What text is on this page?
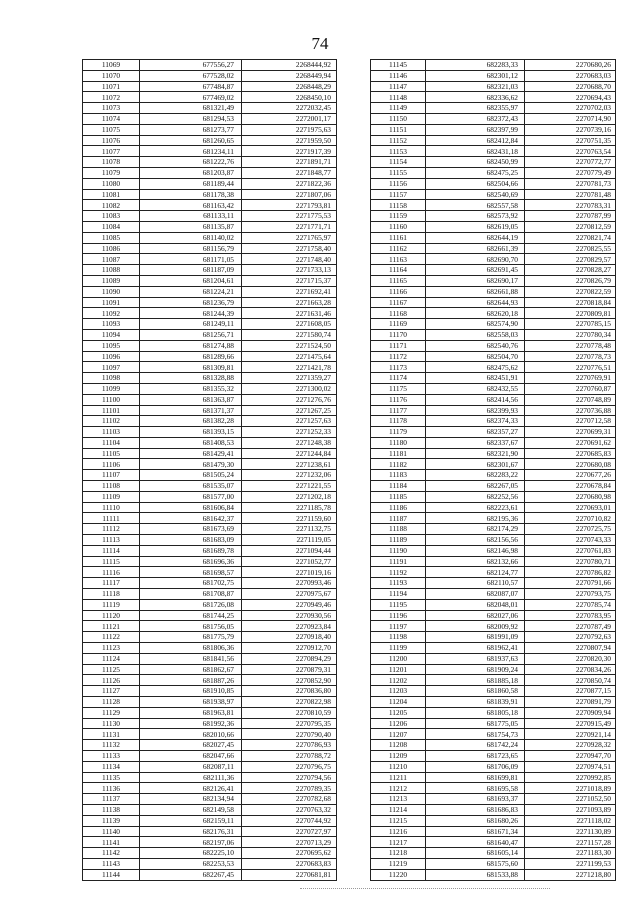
74
11069	677556,27	2268444,92
11070	677528,02	2268449,94
11071	677484,87	2268448,29
11072	677469,02	2268450,10
11073	681321,49	2272032,45
11074	681294,53	2272001,17
11075	681273,77	2271975,63
11076	681260,65	2271959,50
11077	681234,11	2271917,39
11078	681222,76	2271891,71
11079	681203,87	2271848,77
11080	681189,44	2271822,36
11081	681178,38	2271807,06
11082	681163,42	2271793,81
11083	681133,11	2271775,53
11084	681135,87	2271771,71
11085	681140,02	2271765,97
11086	681156,79	2271758,40
11087	681171,05	2271748,40
11088	681187,09	2271733,13
11089	681204,61	2271715,37
11090	681224,21	2271692,41
11091	681236,79	2271663,28
11092	681244,39	2271631,46
11093	681249,11	2271608,05
11094	681256,71	2271580,74
11095	681274,88	2271524,50
11096	681289,66	2271475,64
11097	681309,81	2271421,78
11098	681328,88	2271359,27
11099	681355,32	2271300,02
11100	681363,87	2271276,76
11101	681371,37	2271267,25
11102	681382,28	2271257,63
11103	681393,15	2271252,33
11104	681408,53	2271248,38
11105	681429,41	2271244,84
11106	681479,30	2271238,61
11107	681505,24	2271232,06
11108	681535,07	2271221,55
11109	681577,00	2271202,18
11110	681606,84	2271185,78
11111	681642,37	2271159,60
11112	681673,69	2271132,75
11113	681683,09	2271119,05
11114	681689,78	2271094,44
11115	681696,36	2271052,77
11116	681698,57	2271019,16
11117	681702,75	2270993,46
11118	681708,87	2270975,67
11119	681726,08	2270949,46
11120	681744,25	2270930,56
11121	681756,05	2270923,84
11122	681775,79	2270918,40
11123	681806,36	2270912,70
11124	681841,56	2270894,29
11125	681862,67	2270879,31
11126	681887,26	2270852,90
11127	681910,85	2270836,80
11128	681938,97	2270822,98
11129	681963,81	2270810,59
11130	681992,36	2270795,35
11131	682010,66	2270790,40
11132	682027,45	2270786,93
11133	682047,66	2270788,72
11134	682087,11	2270796,75
11135	682111,36	2270794,56
11136	682126,41	2270789,35
11137	682134,94	2270782,68
11138	682149,58	2270763,32
11139	682159,11	2270744,92
11140	682176,31	2270727,97
11141	682197,06	2270713,29
11142	682225,10	2270695,62
11143	682253,53	2270683,83
11144	682267,45	2270681,81
11145	682283,33	2270680,26
11146	682301,12	2270683,03
11147	682321,03	2270688,70
11148	682336,62	2270694,43
11149	682355,97	2270702,03
11150	682372,43	2270714,90
11151	682397,99	2270739,16
11152	682412,84	2270751,35
11153	682431,18	2270763,54
11154	682450,99	2270772,77
11155	682475,25	2270779,49
11156	682504,66	2270781,73
11157	682540,69	2270781,48
11158	682557,58	2270783,31
11159	682573,92	2270787,99
11160	682619,05	2270812,59
11161	682644,19	2270821,74
11162	682661,39	2270825,55
11163	682690,70	2270829,57
11164	682691,45	2270828,27
11165	682690,17	2270826,79
11166	682661,88	2270822,59
11167	682644,93	2270818,84
11168	682620,18	2270809,81
11169	682574,90	2270785,15
11170	682558,03	2270780,34
11171	682540,76	2270778,48
11172	682504,70	2270778,73
11173	682475,62	2270776,51
11174	682451,91	2270769,91
11175	682432,55	2270760,87
11176	682414,56	2270748,89
11177	682399,93	2270736,88
11178	682374,33	2270712,58
11179	682357,27	2270699,31
11180	682337,67	2270691,62
11181	682321,90	2270685,83
11182	682301,67	2270680,08
11183	682283,22	2270677,26
11184	682267,05	2270678,84
11185	682252,56	2270680,98
11186	682223,61	2270693,01
11187	682195,36	2270710,82
11188	682174,29	2270725,75
11189	682156,56	2270743,33
11190	682146,98	2270761,83
11191	682132,66	2270780,71
11192	682124,77	2270786,82
11193	682110,57	2270791,66
11194	682087,07	2270793,75
11195	682048,01	2270785,74
11196	682027,06	2270783,95
11197	682009,92	2270787,49
11198	681991,09	2270792,63
11199	681962,41	2270807,94
11200	681937,63	2270820,30
11201	681909,24	2270834,26
11202	681885,18	2270850,74
11203	681860,58	2270877,15
11204	681839,91	2270891,79
11205	681805,18	2270909,94
11206	681775,05	2270915,49
11207	681754,73	2270921,14
11208	681742,24	2270928,32
11209	681723,65	2270947,70
11210	681706,09	2270974,51
11211	681699,81	2270992,85
11212	681695,58	2271018,89
11213	681693,37	2271052,50
11214	681686,83	2271093,89
11215	681680,26	2271118,02
11216	681671,34	2271130,89
11217	681640,47	2271157,28
11218	681605,14	2271183,30
11219	681575,60	2271199,53
11220	681533,88	2271218,80
